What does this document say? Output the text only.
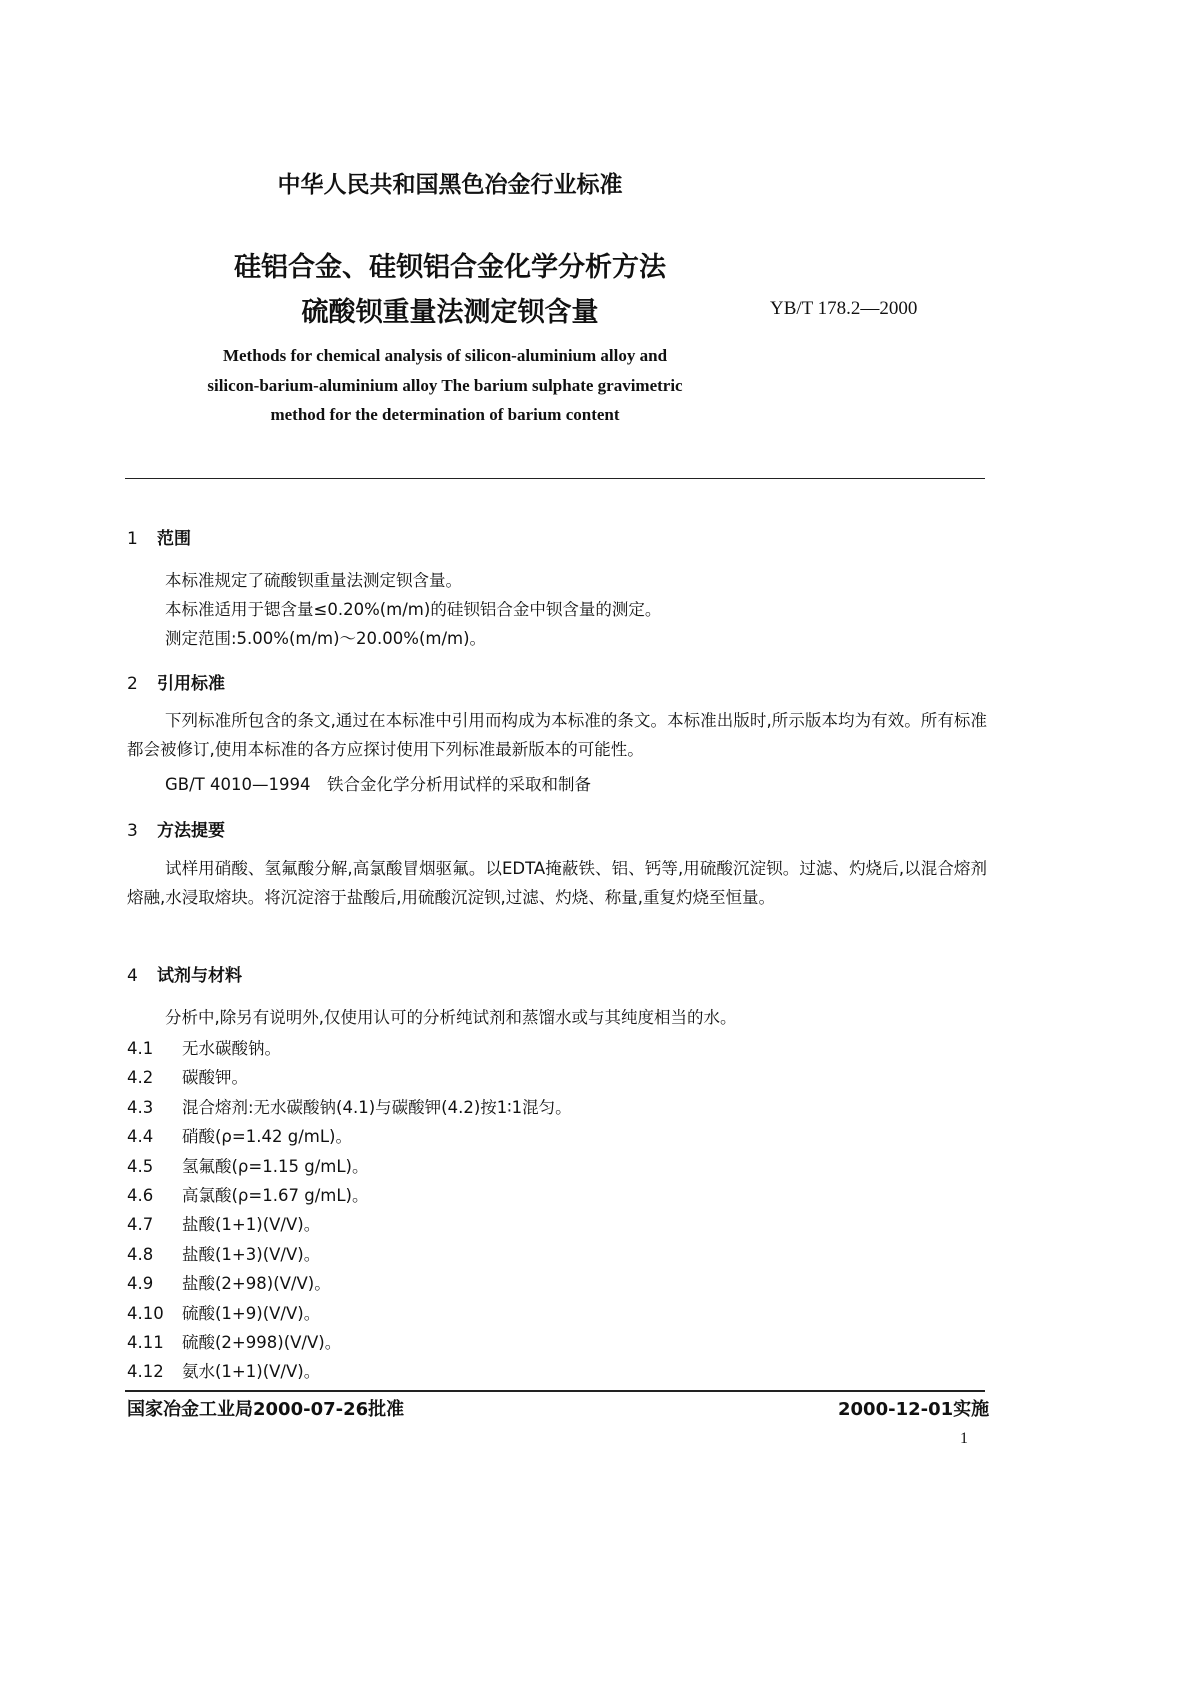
中华人民共和国黑色冶金行业标准
硅铝合金、硅钡铝合金化学分析方法
硫酸钡重量法测定钡含量	YB/T 178.2—2000
Methods for chemical analysis of silicon-aluminium alloy and
silicon-barium-aluminium alloy The barium sulphate gravimetric
method for the determination of barium content
1 范围
本标准规定了硫酸钡重量法测定钡含量。
本标准适用于锶含量≤0.20%(m/m)的硅钡铝合金中钡含量的测定。
测定范围:5.00%(m/m)～20.00%(m/m)。
2 引用标准
下列标准所包含的条文,通过在本标准中引用而构成为本标准的条文。本标准出版时,所示版本均为有效。所有标准都会被修订,使用本标准的各方应探讨使用下列标准最新版本的可能性。
GB/T 4010—1994　铁合金化学分析用试样的采取和制备
3 方法提要
试样用硝酸、氢氟酸分解,高氯酸冒烟驱氟。以EDTA掩蔽铁、铝、钙等,用硫酸沉淀钡。过滤、灼烧后,以混合熔剂熔融,水浸取熔块。将沉淀溶于盐酸后,用硫酸沉淀钡,过滤、灼烧、称量,重复灼烧至恒量。
4 试剂与材料
分析中,除另有说明外,仅使用认可的分析纯试剂和蒸馏水或与其纯度相当的水。
4.1 无水碳酸钠。
4.2 碳酸钾。
4.3 混合熔剂:无水碳酸钠(4.1)与碳酸钾(4.2)按1∶1混匀。
4.4 硝酸(ρ=1.42 g/mL)。
4.5 氢氟酸(ρ=1.15 g/mL)。
4.6 高氯酸(ρ=1.67 g/mL)。
4.7 盐酸(1+1)(V/V)。
4.8 盐酸(1+3)(V/V)。
4.9 盐酸(2+98)(V/V)。
4.10 硫酸(1+9)(V/V)。
4.11 硫酸(2+998)(V/V)。
4.12 氨水(1+1)(V/V)。
国家冶金工业局2000-07-26批准	2000-12-01实施
1
